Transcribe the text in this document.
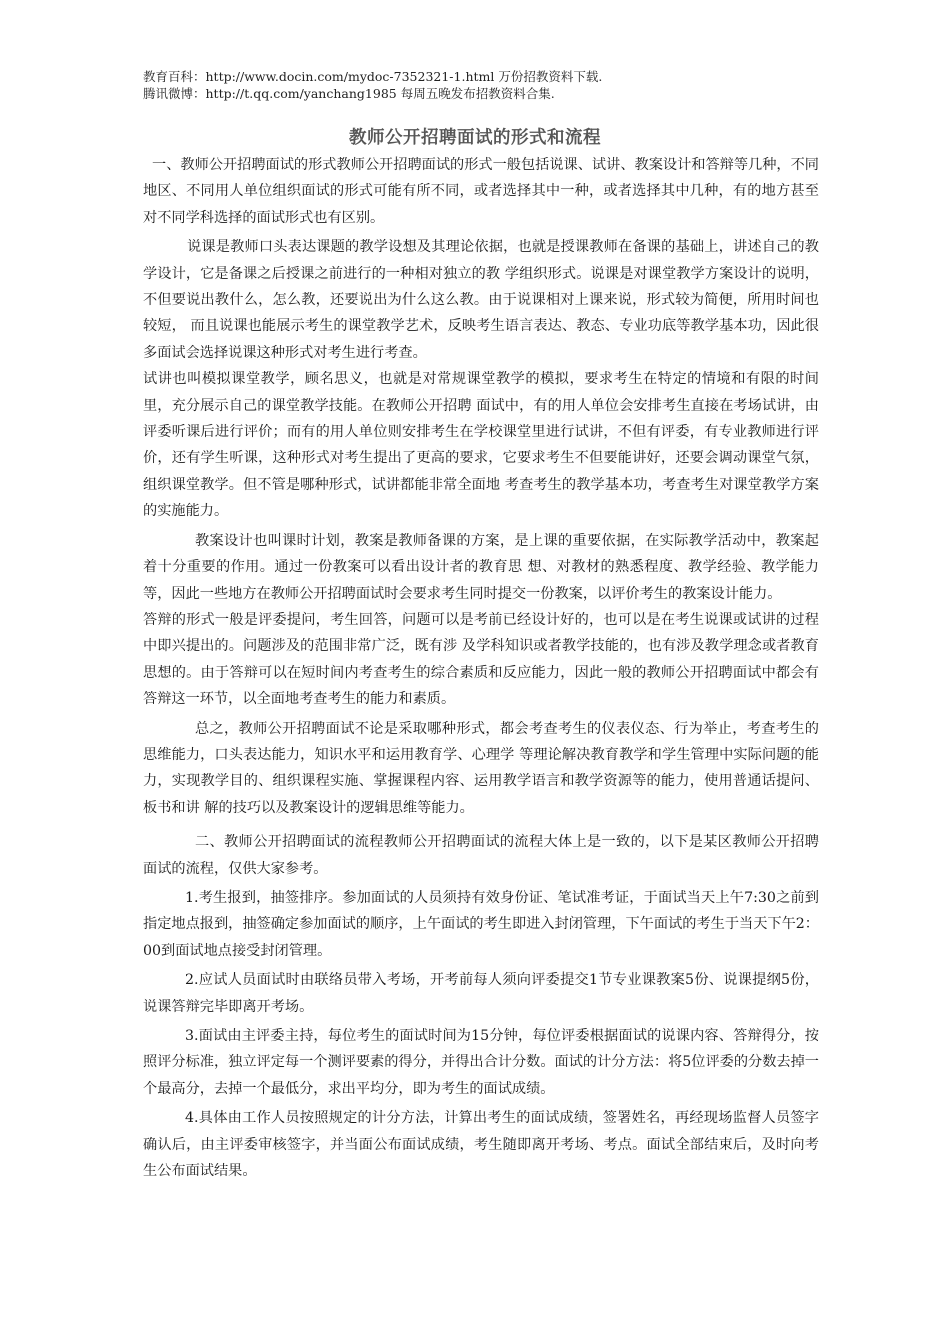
教育百科：http://www.docin.com/mydoc-7352321-1.html 万份招教资料下载.
腾讯微博：http://t.qq.com/yanchang1985 每周五晚发布招教资料合集.
教师公开招聘面试的形式和流程

一、教师公开招聘面试的形式教师公开招聘面试的形式一般包括说课、试讲、教案设计和答辩等几种，不同地区、不同用人单位组织面试的形式可能有所不同，或者选择其中一种，或者选择其中几种，有的地方甚至对不同学科选择的面试形式也有区别。

说课是教师口头表达课题的教学设想及其理论依据，也就是授课教师在备课的基础上，讲述自己的教学设计，它是备课之后授课之前进行的一种相对独立的教 学组织形式。说课是对课堂教学方案设计的说明，不但要说出教什么，怎么教，还要说出为什么这么教。由于说课相对上课来说，形式较为简便，所用时间也较短， 而且说课也能展示考生的课堂教学艺术，反映考生语言表达、教态、专业功底等教学基本功，因此很多面试会选择说课这种形式对考生进行考查。

试讲也叫模拟课堂教学，顾名思义，也就是对常规课堂教学的模拟，要求考生在特定的情境和有限的时间里，充分展示自己的课堂教学技能。在教师公开招聘 面试中，有的用人单位会安排考生直接在考场试讲，由评委听课后进行评价；而有的用人单位则安排考生在学校课堂里进行试讲，不但有评委，有专业教师进行评 价，还有学生听课，这种形式对考生提出了更高的要求，它要求考生不但要能讲好，还要会调动课堂气氛，组织课堂教学。但不管是哪种形式，试讲都能非常全面地 考查考生的教学基本功，考查考生对课堂教学方案的实施能力。

教案设计也叫课时计划，教案是教师备课的方案，是上课的重要依据，在实际教学活动中，教案起着十分重要的作用。通过一份教案可以看出设计者的教育思 想、对教材的熟悉程度、教学经验、教学能力等，因此一些地方在教师公开招聘面试时会要求考生同时提交一份教案，以评价考生的教案设计能力。

答辩的形式一般是评委提问，考生回答，问题可以是考前已经设计好的，也可以是在考生说课或试讲的过程中即兴提出的。问题涉及的范围非常广泛，既有涉 及学科知识或者教学技能的，也有涉及教学理念或者教育思想的。由于答辩可以在短时间内考查考生的综合素质和反应能力，因此一般的教师公开招聘面试中都会有 答辩这一环节，以全面地考查考生的能力和素质。

总之，教师公开招聘面试不论是采取哪种形式，都会考查考生的仪表仪态、行为举止，考查考生的思维能力，口头表达能力，知识水平和运用教育学、心理学 等理论解决教育教学和学生管理中实际问题的能力，实现教学目的、组织课程实施、掌握课程内容、运用教学语言和教学资源等的能力，使用普通话提问、板书和讲 解的技巧以及教案设计的逻辑思维等能力。

二、教师公开招聘面试的流程教师公开招聘面试的流程大体上是一致的，以下是某区教师公开招聘面试的流程，仅供大家参考。

1.考生报到，抽签排序。参加面试的人员须持有效身份证、笔试准考证，于面试当天上午7:30之前到指定地点报到，抽签确定参加面试的顺序，上午面试的考生即进入封闭管理，下午面试的考生于当天下午2：00到面试地点接受封闭管理。

2.应试人员面试时由联络员带入考场，开考前每人须向评委提交1节专业课教案5份、说课提纲5份，说课答辩完毕即离开考场。

3.面试由主评委主持，每位考生的面试时间为15分钟，每位评委根据面试的说课内容、答辩得分，按照评分标准，独立评定每一个测评要素的得分，并得出合计分数。面试的计分方法：将5位评委的分数去掉一个最高分，去掉一个最低分，求出平均分，即为考生的面试成绩。

4.具体由工作人员按照规定的计分方法，计算出考生的面试成绩，签署姓名，再经现场监督人员签字确认后，由主评委审核签字，并当面公布面试成绩，考生随即离开考场、考点。面试全部结束后，及时向考生公布面试结果。
